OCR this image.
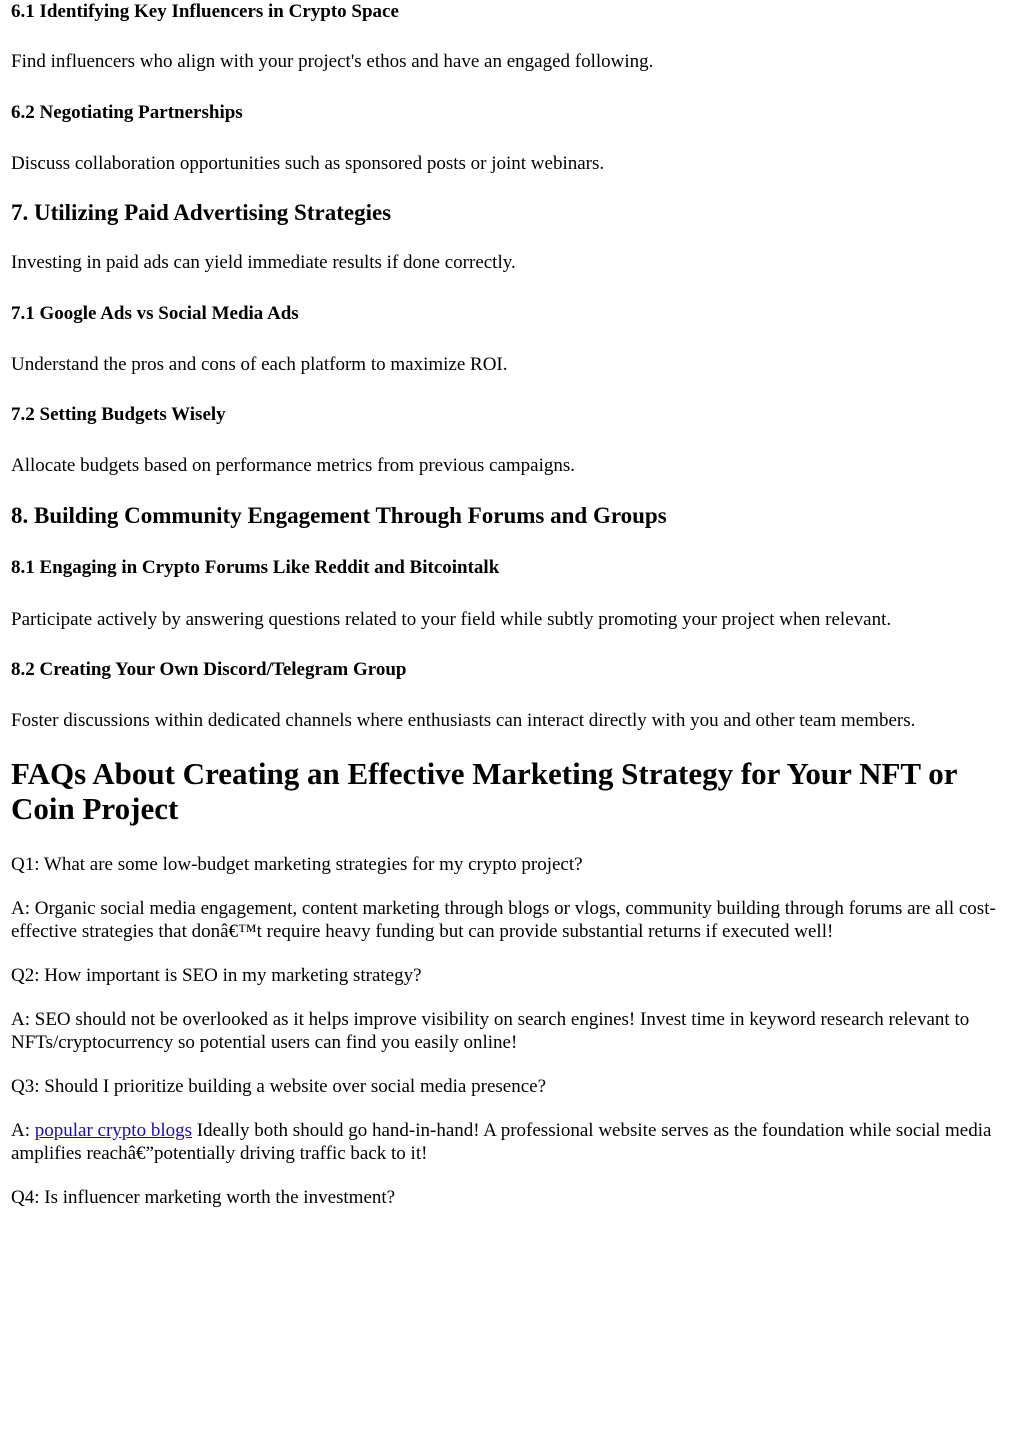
6.1 Identifying Key Influencers in Crypto Space

Find influencers who align with your project's ethos and have an engaged following.

6.2 Negotiating Partnerships

Discuss collaboration opportunities such as sponsored posts or joint webinars.

7. Utilizing Paid Advertising Strategies

Investing in paid ads can yield immediate results if done correctly.

7.1 Google Ads vs Social Media Ads

Understand the pros and cons of each platform to maximize ROI.

7.2 Setting Budgets Wisely

Allocate budgets based on performance metrics from previous campaigns.

8. Building Community Engagement Through Forums and Groups
8.1 Engaging in Crypto Forums Like Reddit and Bitcointalk

Participate actively by answering questions related to your field while subtly promoting your project when relevant.

8.2 Creating Your Own Discord/Telegram Group

Foster discussions within dedicated channels where enthusiasts can interact directly with you and other team members.

FAQs About Creating an Effective Marketing Strategy for Your NFT or Coin Project

Q1: What are some low-budget marketing strategies for my crypto project?

A: Organic social media engagement, content marketing through blogs or vlogs, community building through forums are all cost-effective strategies that donâ€™t require heavy funding but can provide substantial returns if executed well!

Q2: How important is SEO in my marketing strategy?

A: SEO should not be overlooked as it helps improve visibility on search engines! Invest time in keyword research relevant to NFTs/cryptocurrency so potential users can find you easily online!

Q3: Should I prioritize building a website over social media presence?

A: popular crypto blogs Ideally both should go hand-in-hand! A professional website serves as the foundation while social media amplifies reachâ€”potentially driving traffic back to it!

Q4: Is influencer marketing worth the investment?
